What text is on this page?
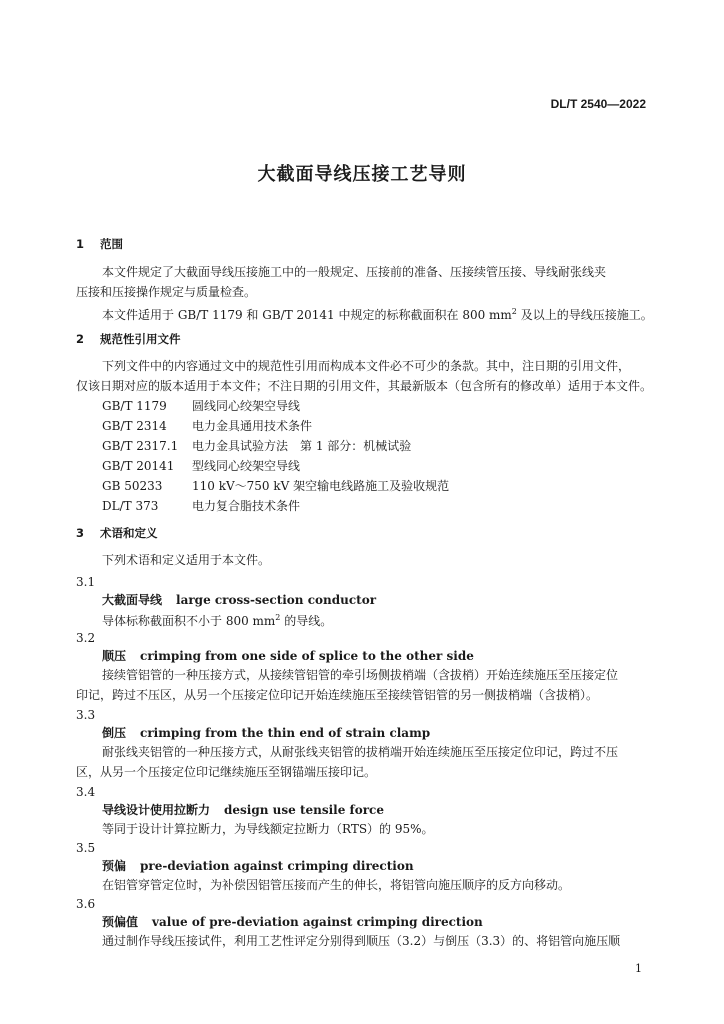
DL/T 2540—2022
大截面导线压接工艺导则
1 范围
本文件规定了大截面导线压接施工中的一般规定、压接前的准备、压接续管压接、导线耐张线夹
压接和压接操作规定与质量检查。
本文件适用于 GB/T 1179 和 GB/T 20141 中规定的标称截面积在 800 $mm^2$ 及以上的导线压接施工。
2 规范性引用文件
下列文件中的内容通过文中的规范性引用而构成本文件必不可少的条款。其中，注日期的引用文件，
仅该日期对应的版本适用于本文件；不注日期的引用文件，其最新版本（包含所有的修改单）适用于本文件。
GB/T 1179 圆线同心绞架空导线
GB/T 2314 电力金具通用技术条件
GB/T 2317.1 电力金具试验方法　第 1 部分：机械试验
GB/T 20141 型线同心绞架空导线
GB 50233 110 kV～750 kV 架空输电线路施工及验收规范
DL/T 373	电力复合脂技术条件
3 术语和定义
下列术语和定义适用于本文件。
3.1
大截面导线 large cross-section conductor
导体标称截面积不小于 800 $mm^2$ 的导线。
3.2
顺压 crimping from one side of splice to the other side
接续管铝管的一种压接方式，从接续管铝管的牵引场侧拔梢端（含拔梢）开始连续施压至压接定位
印记，跨过不压区，从另一个压接定位印记开始连续施压至接续管铝管的另一侧拔梢端（含拔梢）。
3.3
倒压 crimping from the thin end of strain clamp
耐张线夹铝管的一种压接方式，从耐张线夹铝管的拔梢端开始连续施压至压接定位印记，跨过不压
区，从另一个压接定位印记继续施压至钢锚端压接印记。
3.4
导线设计使用拉断力 design use tensile force
等同于设计计算拉断力，为导线额定拉断力（RTS）的 95%。
3.5
预偏 pre-deviation against crimping direction
在铝管穿管定位时，为补偿因铝管压接而产生的伸长，将铝管向施压顺序的反方向移动。
3.6
预偏值 value of pre-deviation against crimping direction
通过制作导线压接试件，利用工艺性评定分别得到顺压（3.2）与倒压（3.3）的、将铝管向施压顺
1
